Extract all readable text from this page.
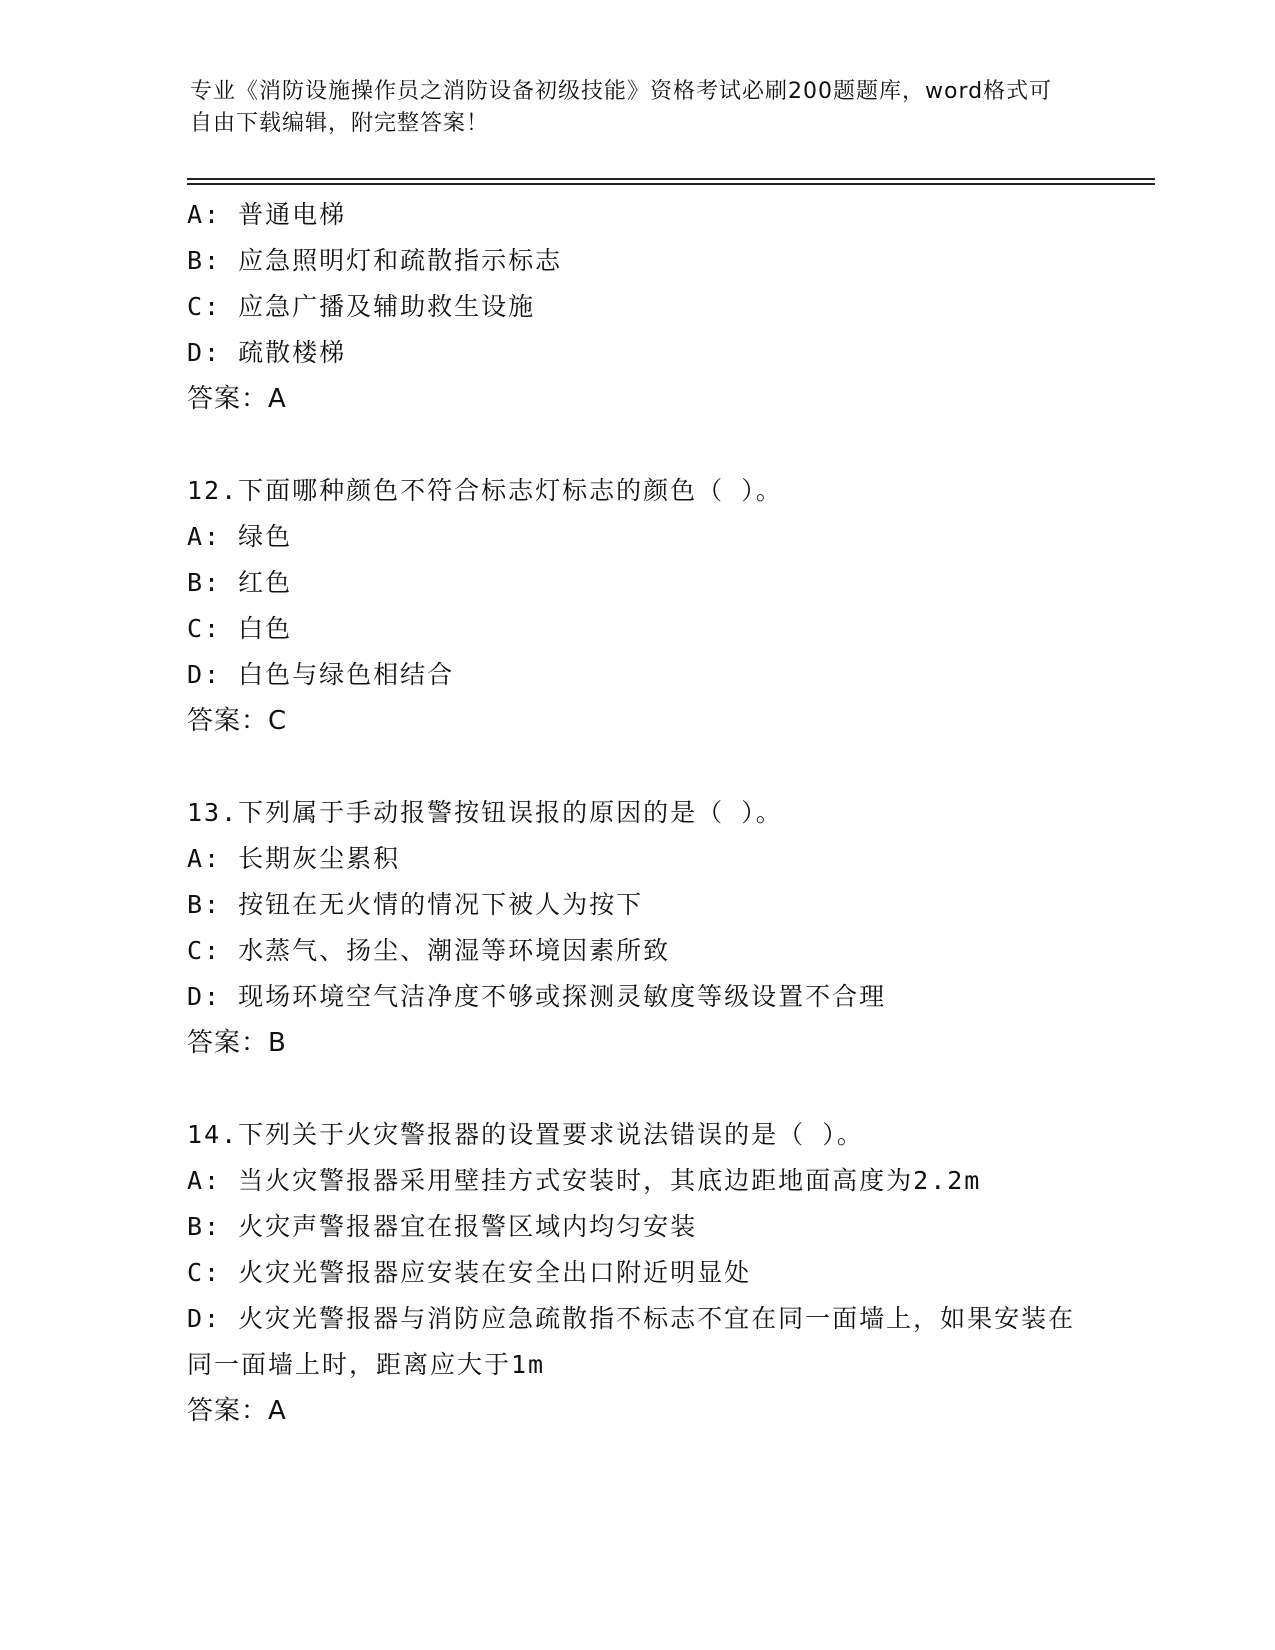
专业《消防设施操作员之消防设备初级技能》资格考试必刷200题题库，word格式可自由下载编辑，附完整答案！
A: 普通电梯
B: 应急照明灯和疏散指示标志
C: 应急广播及辅助救生设施
D: 疏散楼梯
答案：A
12.下面哪种颜色不符合标志灯标志的颜色（ ）。
A: 绿色
B: 红色
C: 白色
D: 白色与绿色相结合
答案：C
13.下列属于手动报警按钮误报的原因的是（ ）。
A: 长期灰尘累积
B: 按钮在无火情的情况下被人为按下
C: 水蒸气、扬尘、潮湿等环境因素所致
D: 现场环境空气洁净度不够或探测灵敏度等级设置不合理
答案：B
14.下列关于火灾警报器的设置要求说法错误的是（ ）。
A: 当火灾警报器采用壁挂方式安装时，其底边距地面高度为2.2m
B: 火灾声警报器宜在报警区域内均匀安装
C: 火灾光警报器应安装在安全出口附近明显处
D: 火灾光警报器与消防应急疏散指不标志不宜在同一面墙上，如果安装在同一面墙上时，距离应大于1m
答案：A
